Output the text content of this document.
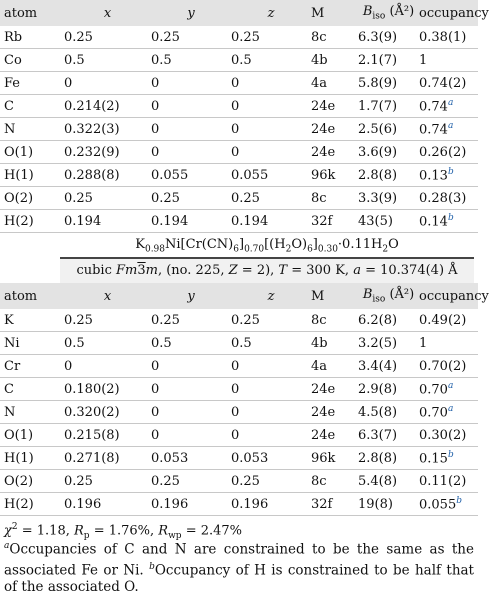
atom	x	y	z	M	$B_{iso}$ (Å²)	occupancy
Rb	0.25	0.25	0.25	8c	6.3(9)	0.38(1)
Co	0.5	0.5	0.5	4b	2.1(7)	1
Fe	0	0	0	4a	5.8(9)	0.74(2)
C	0.214(2)	0	0	24e	1.7(7)	0.74$^a$
N	0.322(3)	0	0	24e	2.5(6)	0.74$^a$
O(1)	0.232(9)	0	0	24e	3.6(9)	0.26(2)
H(1)	0.288(8)	0.055	0.055	96k	2.8(8)	0.13$^b$
O(2)	0.25	0.25	0.25	8c	3.3(9)	0.28(3)
H(2)	0.194	0.194	0.194	32f	43(5)	0.14$^b$
$K_{0.98}Ni[Cr(CN)_6]_{0.70}[(H_2O)_6]_{0.30}\cdot 0.11H_2O$
cubic Fm3m, (no. 225, Z = 2), T = 300 K, a = 10.374(4) Å
atom	x	y	z	M	$B_{iso}$ (Å²)	occupancy
K	0.25	0.25	0.25	8c	6.2(8)	0.49(2)
Ni	0.5	0.5	0.5	4b	3.2(5)	1
Cr	0	0	0	4a	3.4(4)	0.70(2)
C	0.180(2)	0	0	24e	2.9(8)	0.70$^a$
N	0.320(2)	0	0	24e	4.5(8)	0.70$^a$
O(1)	0.215(8)	0	0	24e	6.3(7)	0.30(2)
H(1)	0.271(8)	0.053	0.053	96k	2.8(8)	0.15$^b$
O(2)	0.25	0.25	0.25	8c	5.4(8)	0.11(2)
H(2)	0.196	0.196	0.196	32f	19(8)	0.055$^b$
$\chi^2 = 1.18$, $R_p = 1.76\%$, $R_{wp} = 2.47\%$
$^a$Occupancies of C and N are constrained to be the same as the associated Fe or Ni. $^b$Occupancy of H is constrained to be half that of the associated O.
